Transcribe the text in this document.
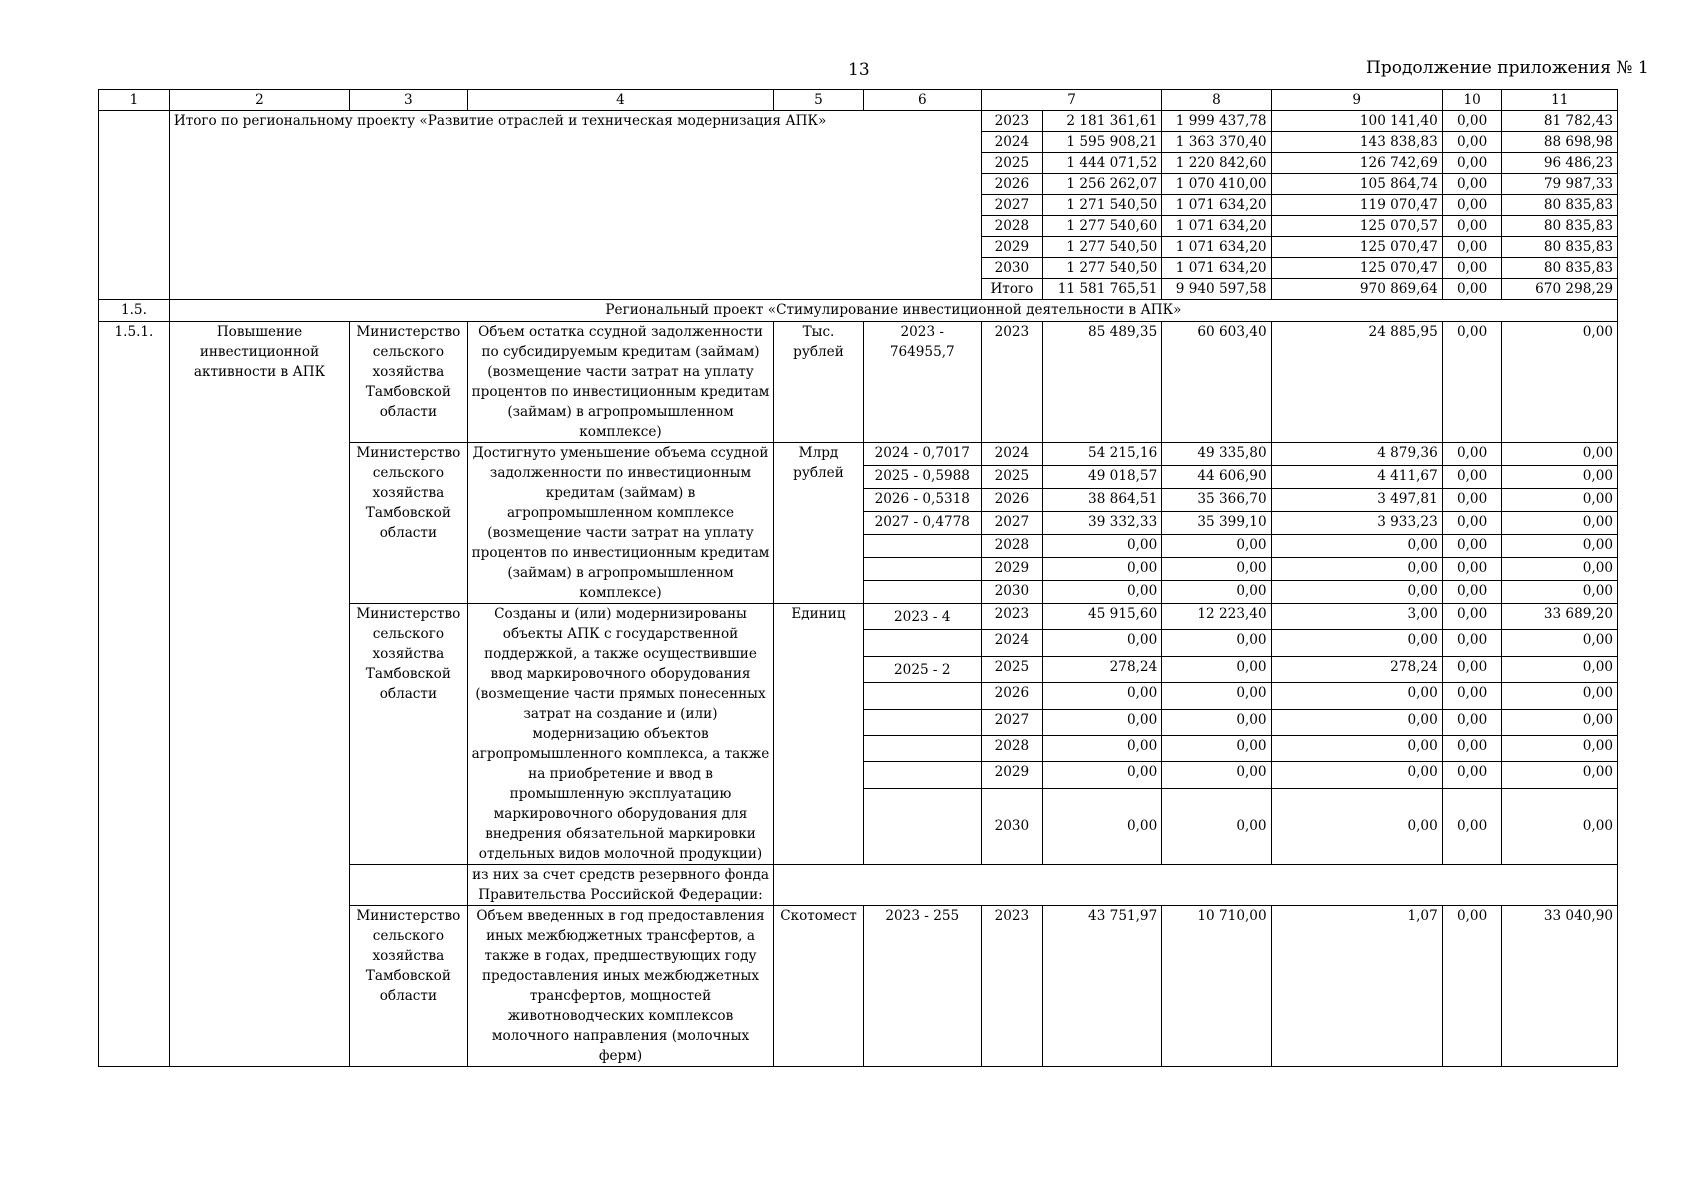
13	Продолжение приложения № 1
1	2	3	4	5	6	7		8	9	10	11
	Итого по региональному проекту «Развитие отраслей и техническая модернизация АПК»					2023	2 181 361,61	1 999 437,78	100 141,40	0,00	81 782,43
						2024	1 595 908,21	1 363 370,40	143 838,83	0,00	88 698,98
						2025	1 444 071,52	1 220 842,60	126 742,69	0,00	96 486,23
						2026	1 256 262,07	1 070 410,00	105 864,74	0,00	79 987,33
						2027	1 271 540,50	1 071 634,20	119 070,47	0,00	80 835,83
						2028	1 277 540,60	1 071 634,20	125 070,57	0,00	80 835,83
						2029	1 277 540,50	1 071 634,20	125 070,47	0,00	80 835,83
						2030	1 277 540,50	1 071 634,20	125 070,47	0,00	80 835,83
						Итого	11 581 765,51	9 940 597,58	970 869,64	0,00	670 298,29
1.5.	Региональный проект «Стимулирование инвестиционной деятельности в АПК»										
1.5.1.	Повышение инвестиционной активности в АПК	Министерство сельского хозяйства Тамбовской области	Объем остатка ссудной задолженности по субсидируемым кредитам (займам) (возмещение части затрат на уплату процентов по инвестиционным кредитам (займам) в агропромышленном комплексе)	Тыс. рублей	2023 - 764955,7	2023	85 489,35	60 603,40	24 885,95	0,00	0,00
		Министерство сельского хозяйства Тамбовской области	Достигнуто уменьшение объема ссудной задолженности по инвестиционным кредитам (займам) в агропромышленном комплексе (возмещение части затрат на уплату процентов по инвестиционным кредитам (займам) в агропромышленном комплексе)	Млрд рублей	2024 - 0,7017	2024	54 215,16	49 335,80	4 879,36	0,00	0,00
					2025 - 0,5988	2025	49 018,57	44 606,90	4 411,67	0,00	0,00
					2026 - 0,5318	2026	38 864,51	35 366,70	3 497,81	0,00	0,00
					2027 - 0,4778	2027	39 332,33	35 399,10	3 933,23	0,00	0,00
						2028	0,00	0,00	0,00	0,00	0,00
						2029	0,00	0,00	0,00	0,00	0,00
						2030	0,00	0,00	0,00	0,00	0,00
		Министерство сельского хозяйства Тамбовской области	Созданы и (или) модернизированы объекты АПК с государственной поддержкой, а также осуществившие ввод маркировочного оборудования (возмещение части прямых понесенных затрат на создание и (или) модернизацию объектов агропромышленного комплекса, а также на приобретение и ввод в промышленную эксплуатацию маркировочного оборудования для внедрения обязательной маркировки отдельных видов молочной продукции)	Единиц	2023 - 4	2023	45 915,60	12 223,40	3,00	0,00	33 689,20
						2024	0,00	0,00	0,00	0,00	0,00
					2025 - 2	2025	278,24	0,00	278,24	0,00	0,00
						2026	0,00	0,00	0,00	0,00	0,00
						2027	0,00	0,00	0,00	0,00	0,00
						2028	0,00	0,00	0,00	0,00	0,00
						2029	0,00	0,00	0,00	0,00	0,00
						2030	0,00	0,00	0,00	0,00	0,00
			из них за счет средств резервного фонда Правительства Российской Федерации:								
		Министерство сельского хозяйства Тамбовской области	Объем введенных в год предоставления иных межбюджетных трансфертов, а также в годах, предшествующих году предоставления иных межбюджетных трансфертов, мощностей животноводческих комплексов молочного направления (молочных ферм)	Скотомест	2023 - 255	2023	43 751,97	10 710,00	1,07	0,00	33 040,90
